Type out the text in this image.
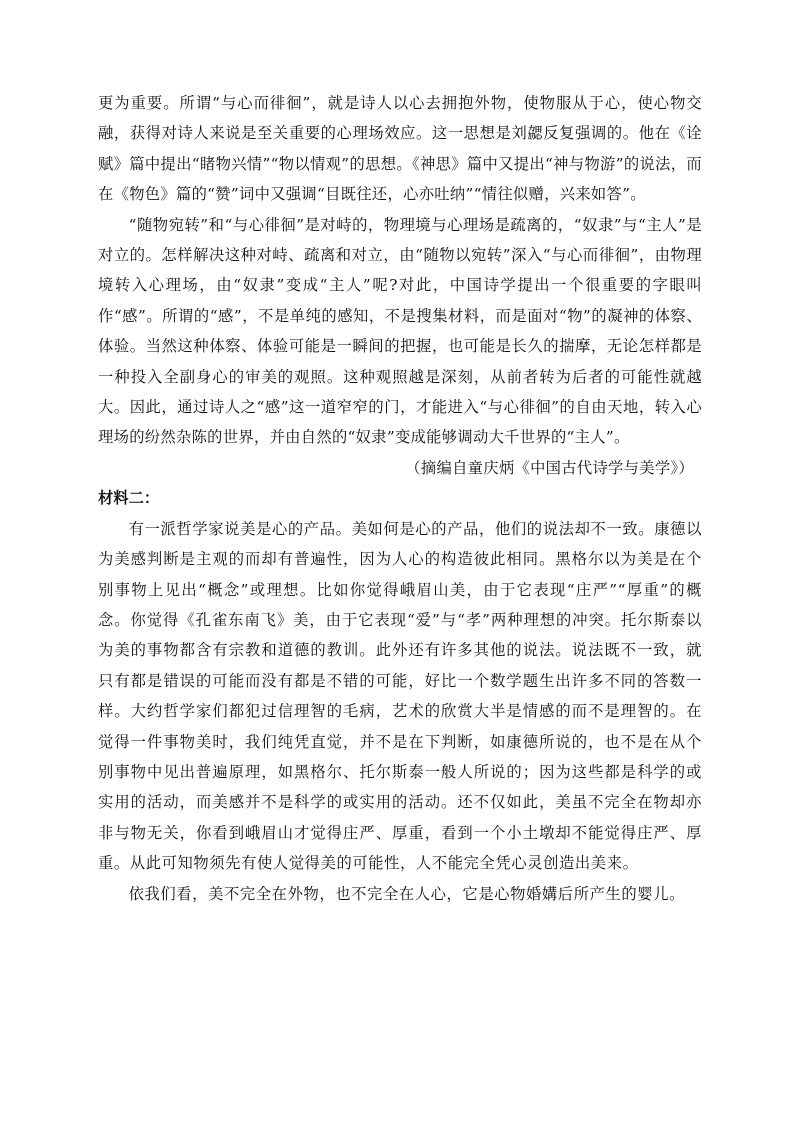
更为重要。所谓“与心而徘徊”，就是诗人以心去拥抱外物，使物服从于心，使心物交融，获得对诗人来说是至关重要的心理场效应。这一思想是刘勰反复强调的。他在《诠赋》篇中提出“睹物兴情”“物以情观”的思想。《神思》篇中又提出“神与物游”的说法，而在《物色》篇的“赞”词中又强调“目既往还，心亦吐纳”“情往似赠，兴来如答”。

“随物宛转”和“与心徘徊”是对峙的，物理境与心理场是疏离的，“奴隶”与“主人”是对立的。怎样解决这种对峙、疏离和对立，由“随物以宛转”深入“与心而徘徊”，由物理境转入心理场，由“奴隶”变成“主人”呢?对此，中国诗学提出一个很重要的字眼叫作“感”。所谓的“感”，不是单纯的感知，不是搜集材料，而是面对“物”的凝神的体察、体验。当然这种体察、体验可能是一瞬间的把握，也可能是长久的揣摩，无论怎样都是一种投入全副身心的审美的观照。这种观照越是深刻，从前者转为后者的可能性就越大。因此，通过诗人之“感”这一道窄窄的门，才能进入“与心徘徊”的自由天地，转入心理场的纷然杂陈的世界，并由自然的“奴隶”变成能够调动大千世界的“主人”。

（摘编自童庆炳《中国古代诗学与美学》）

材料二：

有一派哲学家说美是心的产品。美如何是心的产品，他们的说法却不一致。康德以为美感判断是主观的而却有普遍性，因为人心的构造彼此相同。黑格尔以为美是在个别事物上见出“概念”或理想。比如你觉得峨眉山美，由于它表现“庄严”“厚重”的概念。你觉得《孔雀东南飞》美，由于它表现“爱”与“孝”两种理想的冲突。托尔斯泰以为美的事物都含有宗教和道德的教训。此外还有许多其他的说法。说法既不一致，就只有都是错误的可能而没有都是不错的可能，好比一个数学题生出许多不同的答数一样。大约哲学家们都犯过信理智的毛病，艺术的欣赏大半是情感的而不是理智的。在觉得一件事物美时，我们纯凭直觉，并不是在下判断，如康德所说的，也不是在从个别事物中见出普遍原理，如黑格尔、托尔斯泰一般人所说的；因为这些都是科学的或实用的活动，而美感并不是科学的或实用的活动。还不仅如此，美虽不完全在物却亦非与物无关，你看到峨眉山才觉得庄严、厚重，看到一个小土墩却不能觉得庄严、厚重。从此可知物须先有使人觉得美的可能性，人不能完全凭心灵创造出美来。

依我们看，美不完全在外物，也不完全在人心，它是心物婚媾后所产生的婴儿。
